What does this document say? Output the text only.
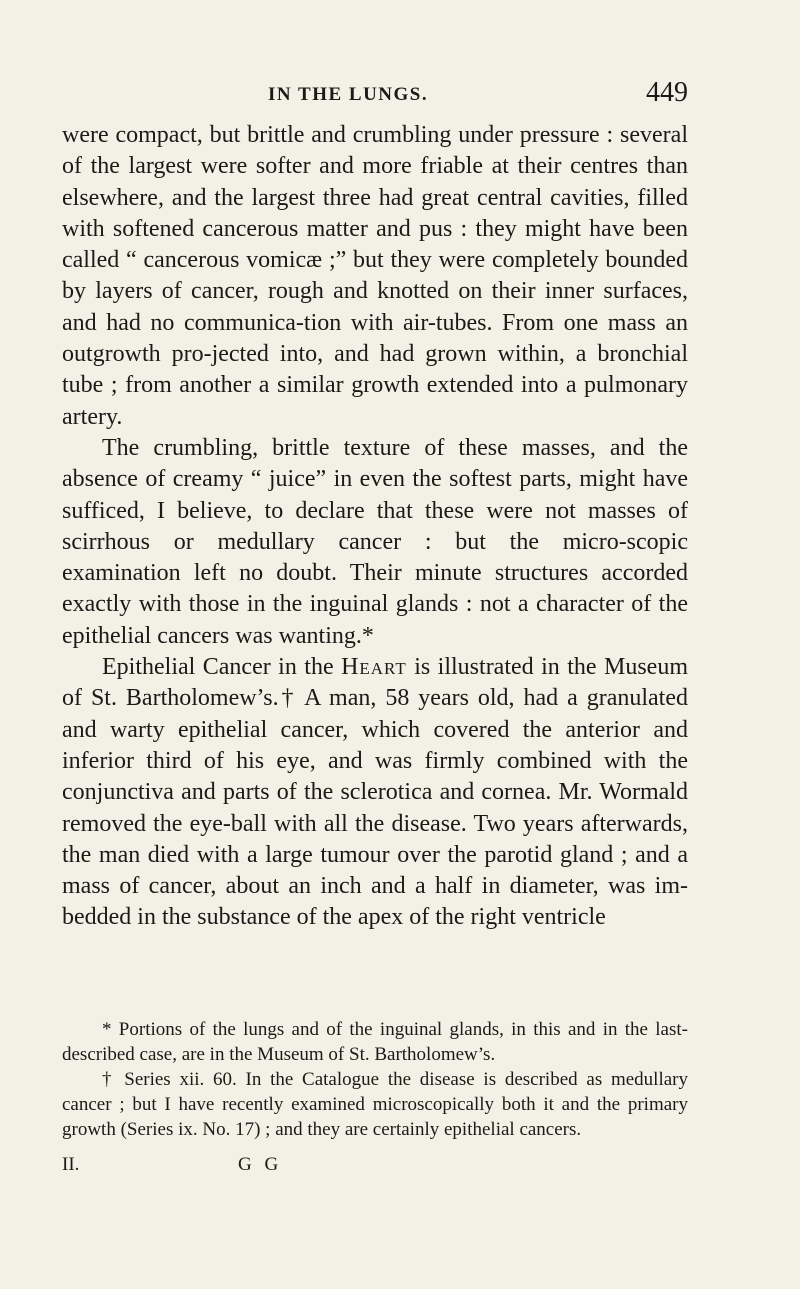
IN THE LUNGS.	449

were compact, but brittle and crumbling under pressure : several of the largest were softer and more friable at their centres than elsewhere, and the largest three had great central cavities, filled with softened cancerous matter and pus : they might have been called “ cancerous vomicæ ;” but they were completely bounded by layers of cancer, rough and knotted on their inner surfaces, and had no communica-tion with air-tubes. From one mass an outgrowth pro-jected into, and had grown within, a bronchial tube ; from another a similar growth extended into a pulmonary artery.

The crumbling, brittle texture of these masses, and the absence of creamy “ juice” in even the softest parts, might have sufficed, I believe, to declare that these were not masses of scirrhous or medullary cancer : but the micro-scopic examination left no doubt. Their minute structures accorded exactly with those in the inguinal glands : not a character of the epithelial cancers was wanting.*

Epithelial Cancer in the Heart is illustrated in the Museum of St. Bartholomew’s.† A man, 58 years old, had a granulated and warty epithelial cancer, which covered the anterior and inferior third of his eye, and was firmly combined with the conjunctiva and parts of the sclerotica and cornea. Mr. Wormald removed the eye-ball with all the disease. Two years afterwards, the man died with a large tumour over the parotid gland ; and a mass of cancer, about an inch and a half in diameter, was im-bedded in the substance of the apex of the right ventricle

* Portions of the lungs and of the inguinal glands, in this and in the last-described case, are in the Museum of St. Bartholomew’s.

† Series xii. 60. In the Catalogue the disease is described as medullary cancer ; but I have recently examined microscopically both it and the primary growth (Series ix. No. 17) ; and they are certainly epithelial cancers.

II.	G G
